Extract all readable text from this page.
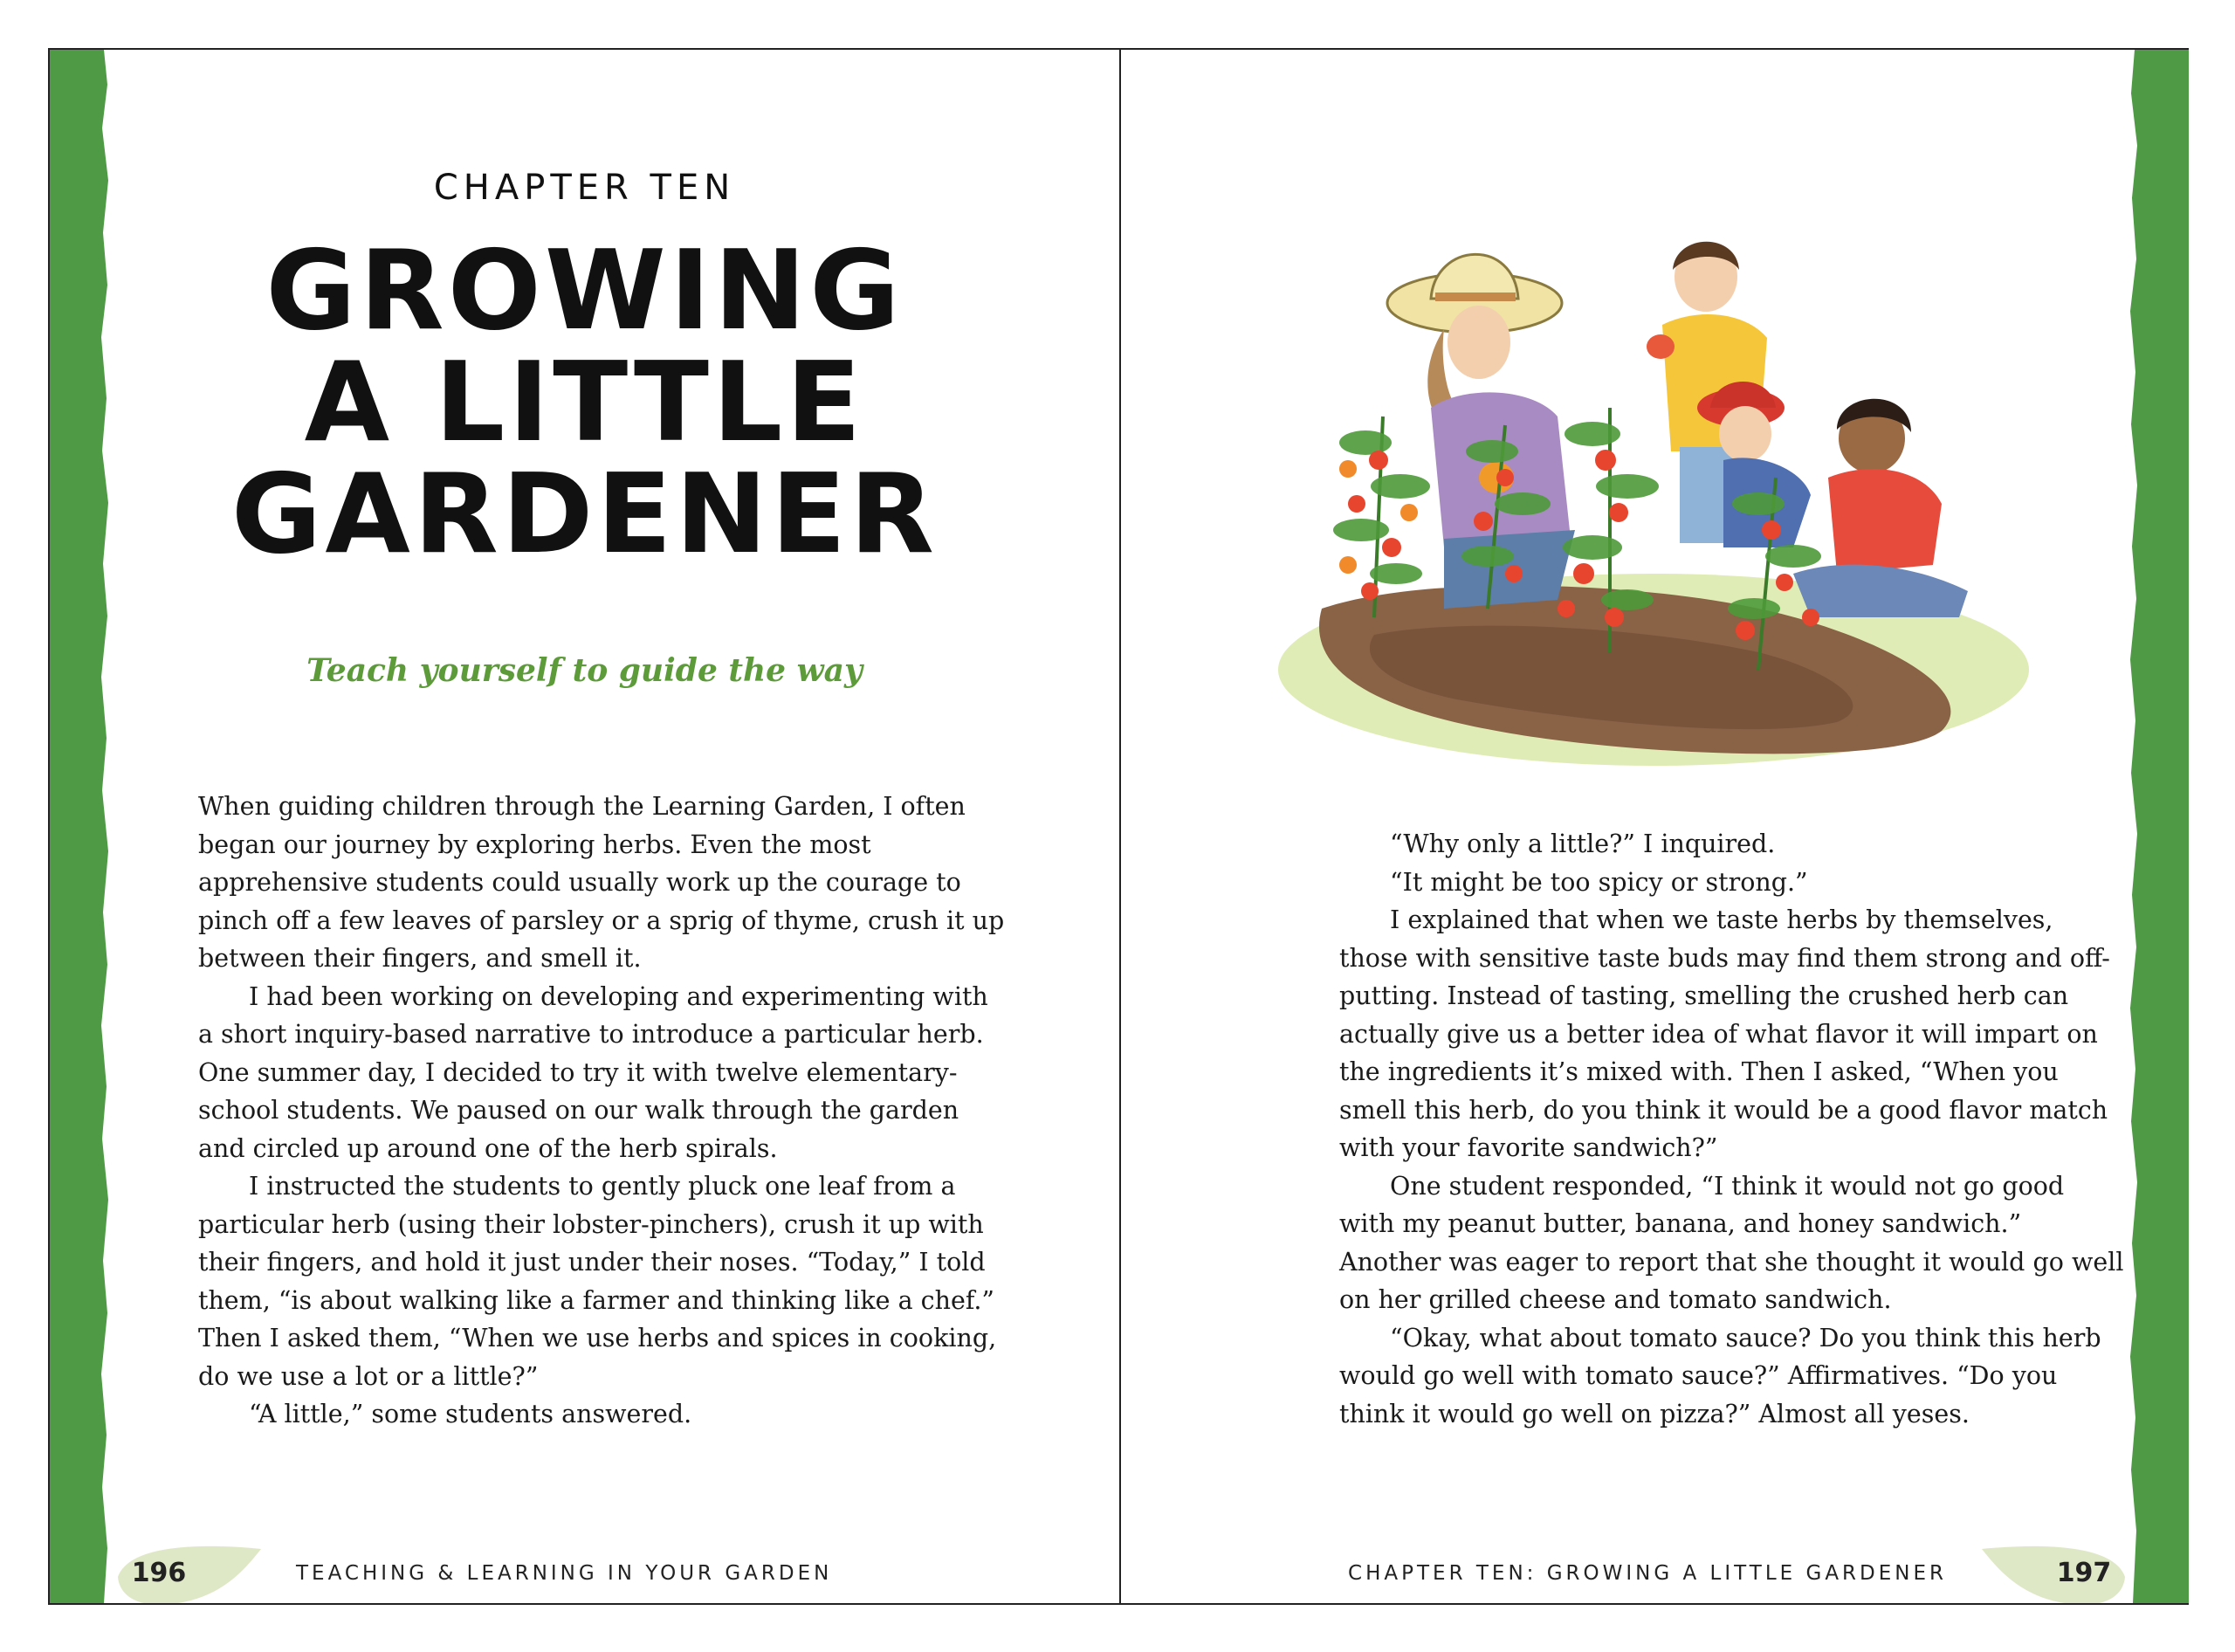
CHAPTER TEN
GROWING
A LITTLE
GARDENER
Teach yourself to guide the way

When guiding children through the Learning Garden, I often began our journey by exploring herbs. Even the most apprehensive students could usually work up the courage to pinch off a few leaves of parsley or a sprig of thyme, crush it up between their fingers, and smell it.

I had been working on developing and experimenting with a short inquiry-based narrative to introduce a particular herb. One summer day, I decided to try it with twelve elementary-school students. We paused on our walk through the garden and circled up around one of the herb spirals.

I instructed the students to gently pluck one leaf from a particular herb (using their lobster-pinchers), crush it up with their fingers, and hold it just under their noses. “Today,” I told them, “is about walking like a farmer and thinking like a chef.” Then I asked them, “When we use herbs and spices in cooking, do we use a lot or a little?”

“A little,” some students answered.

196	TEACHING & LEARNING IN YOUR GARDEN

“Why only a little?” I inquired.

“It might be too spicy or strong.”

I explained that when we taste herbs by themselves, those with sensitive taste buds may find them strong and off-putting. Instead of tasting, smelling the crushed herb can actually give us a better idea of what flavor it will impart on the ingredients it’s mixed with. Then I asked, “When you smell this herb, do you think it would be a good flavor match with your favorite sandwich?”

One student responded, “I think it would not go good with my peanut butter, banana, and honey sandwich.” Another was eager to report that she thought it would go well on her grilled cheese and tomato sandwich.

“Okay, what about tomato sauce? Do you think this herb would go well with tomato sauce?” Affirmatives. “Do you think it would go well on pizza?” Almost all yeses.

CHAPTER TEN: GROWING A LITTLE GARDENER	197
